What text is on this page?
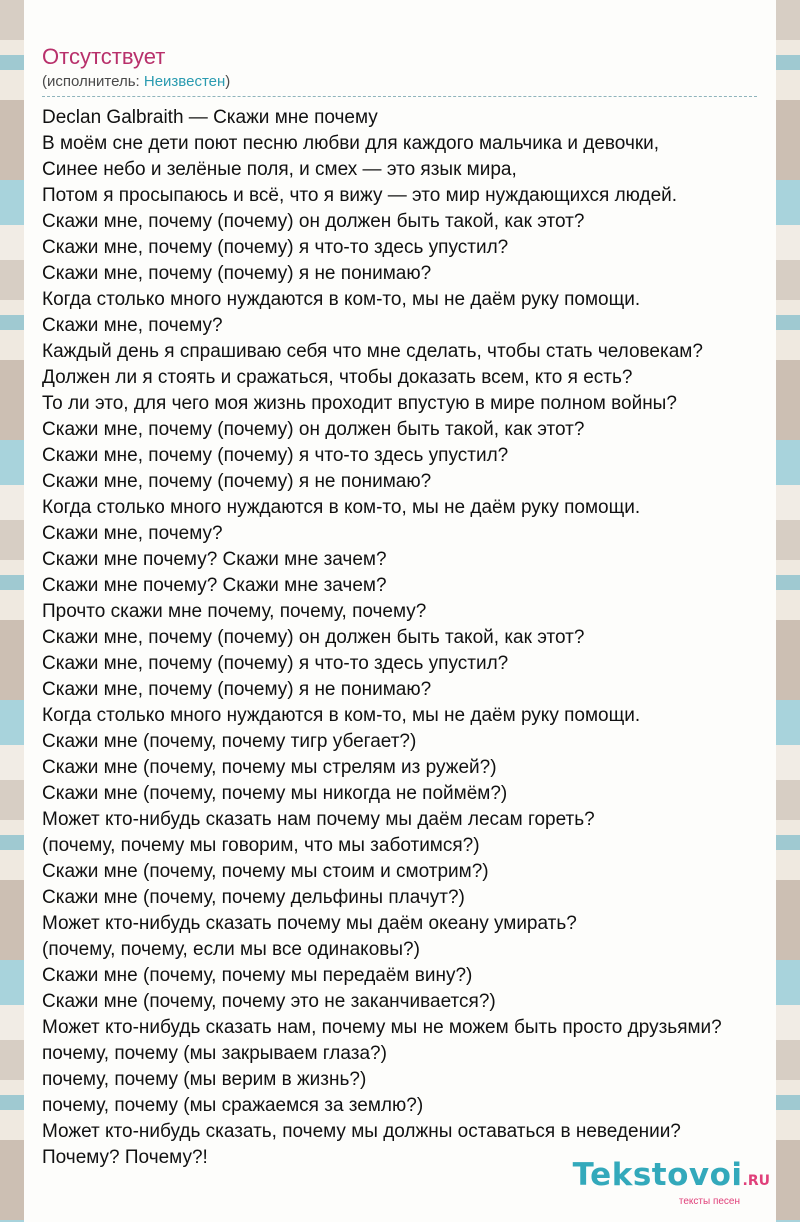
Отсутствует
(исполнитель: Неизвестен)
Declan Galbraith — Скажи мне почему
В моём сне дети поют песню любви для каждого мальчика и девочки,
Синее небо и зелёные поля, и смех — это язык мира,
Потом я просыпаюсь и всё, что я вижу — это мир нуждающихся людей.
Скажи мне, почему (почему) он должен быть такой, как этот?
Скажи мне, почему (почему) я что-то здесь упустил?
Скажи мне, почему (почему) я не понимаю?
Когда столько много нуждаются в ком-то, мы не даём руку помощи.
Скажи мне, почему?
Каждый день я спрашиваю себя что мне сделать, чтобы стать человекам?
Должен ли я стоять и сражаться, чтобы доказать всем, кто я есть?
То ли это, для чего моя жизнь проходит впустую в мире полном войны?
Скажи мне, почему (почему) он должен быть такой, как этот?
Скажи мне, почему (почему) я что-то здесь упустил?
Скажи мне, почему (почему) я не понимаю?
Когда столько много нуждаются в ком-то, мы не даём руку помощи.
Скажи мне, почему?
Скажи мне почему? Скажи мне зачем?
Скажи мне почему? Скажи мне зачем?
Прочто скажи мне почему, почему, почему?
Скажи мне, почему (почему) он должен быть такой, как этот?
Скажи мне, почему (почему) я что-то здесь упустил?
Скажи мне, почему (почему) я не понимаю?
Когда столько много нуждаются в ком-то, мы не даём руку помощи.
Скажи мне (почему, почему тигр убегает?)
Скажи мне (почему, почему мы стрелям из ружей?)
Скажи мне (почему, почему мы никогда не поймём?)
Может кто-нибудь сказать нам почему мы даём лесам гореть?
(почему, почему мы говорим, что мы заботимся?)
Скажи мне (почему, почему мы стоим и смотрим?)
Скажи мне (почему, почему дельфины плачут?)
Может кто-нибудь сказать почему мы даём океану умирать?
(почему, почему, если мы все одинаковы?)
Скажи мне (почему, почему мы передаём вину?)
Скажи мне (почему, почему это не заканчивается?)
Может кто-нибудь сказать нам, почему мы не можем быть просто друзьями?
почему, почему (мы закрываем глаза?)
почему, почему (мы верим в жизнь?)
почему, почему (мы сражаемся за землю?)
Может кто-нибудь сказать, почему мы должны оставаться в неведении?
Почему? Почему?!	Tekstovoi.RU
тексты песен
